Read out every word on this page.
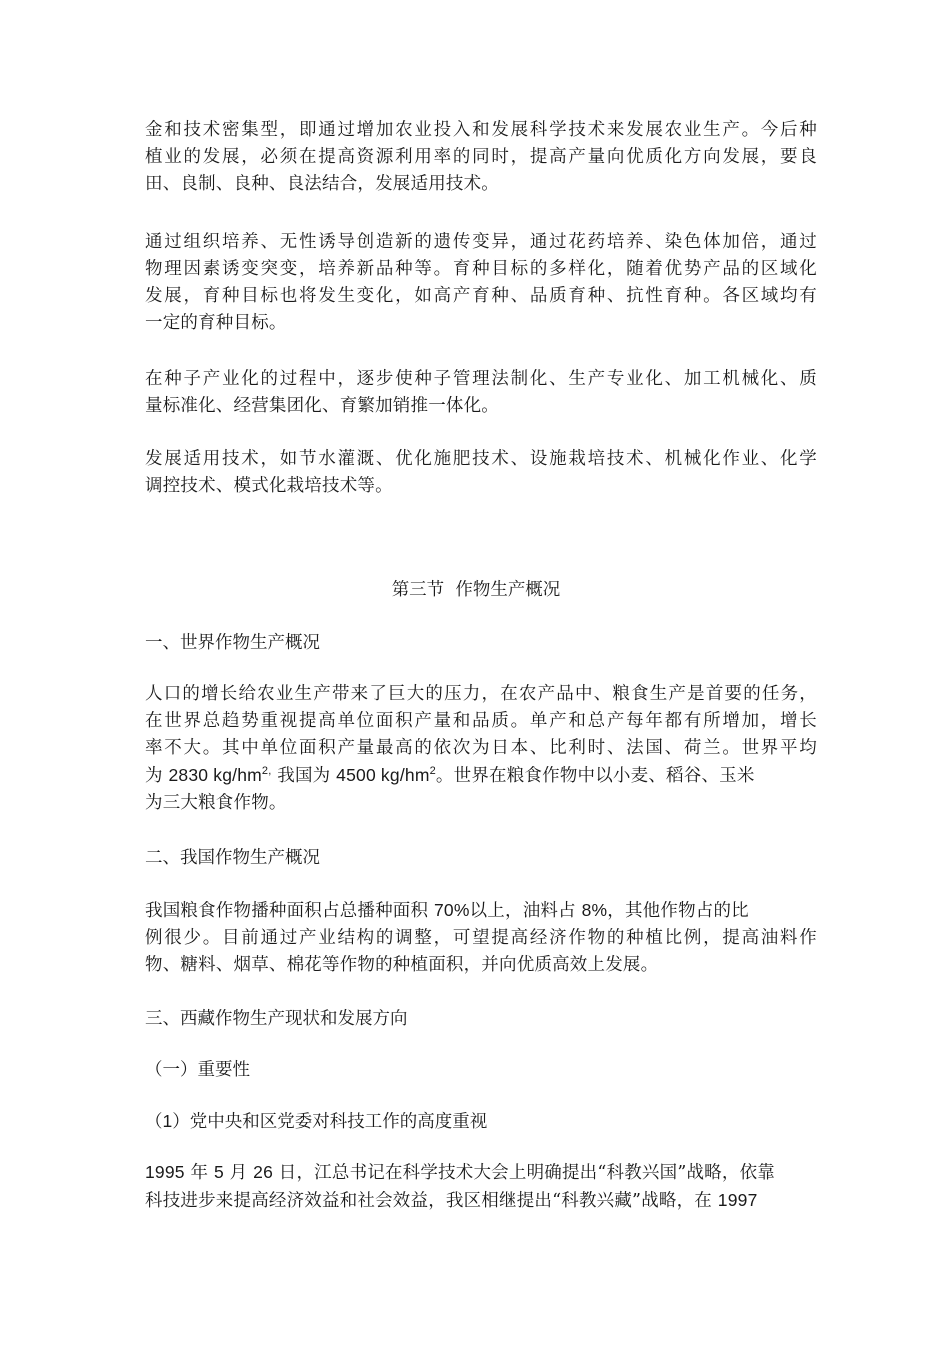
金和技术密集型，即通过增加农业投入和发展科学技术来发展农业生产。今后种
植业的发展，必须在提高资源利用率的同时，提高产量向优质化方向发展，要良
田、良制、良种、良法结合，发展适用技术。
通过组织培养、无性诱导创造新的遗传变异，通过花药培养、染色体加倍，通过
物理因素诱变突变，培养新品种等。育种目标的多样化，随着优势产品的区域化
发展，育种目标也将发生变化，如高产育种、品质育种、抗性育种。各区域均有
一定的育种目标。
在种子产业化的过程中，逐步使种子管理法制化、生产专业化、加工机械化、质
量标准化、经营集团化、育繁加销推一体化。
发展适用技术，如节水灌溉、优化施肥技术、设施栽培技术、机械化作业、化学
调控技术、模式化栽培技术等。
第三节  作物生产概况
一、世界作物生产概况
人口的增长给农业生产带来了巨大的压力，在农产品中、粮食生产是首要的任务，
在世界总趋势重视提高单位面积产量和品质。单产和总产每年都有所增加，增长
率不大。其中单位面积产量最高的依次为日本、比利时、法国、荷兰。世界平均
为 2830 $kg/hm^{2,}$ 我国为 4500 $kg/hm^2$。世界在粮食作物中以小麦、稻谷、玉米
为三大粮食作物。
二、我国作物生产概况
我国粮食作物播种面积占总播种面积 70%以上，油料占 8%，其他作物占的比
例很少。目前通过产业结构的调整，可望提高经济作物的种植比例，提高油料作
物、糖料、烟草、棉花等作物的种植面积，并向优质高效上发展。
三、西藏作物生产现状和发展方向
（一）重要性
（1）党中央和区党委对科技工作的高度重视
1995 年 5 月 26 日，江总书记在科学技术大会上明确提出“科教兴国”战略，依靠
科技进步来提高经济效益和社会效益，我区相继提出“科教兴藏”战略，在 1997
